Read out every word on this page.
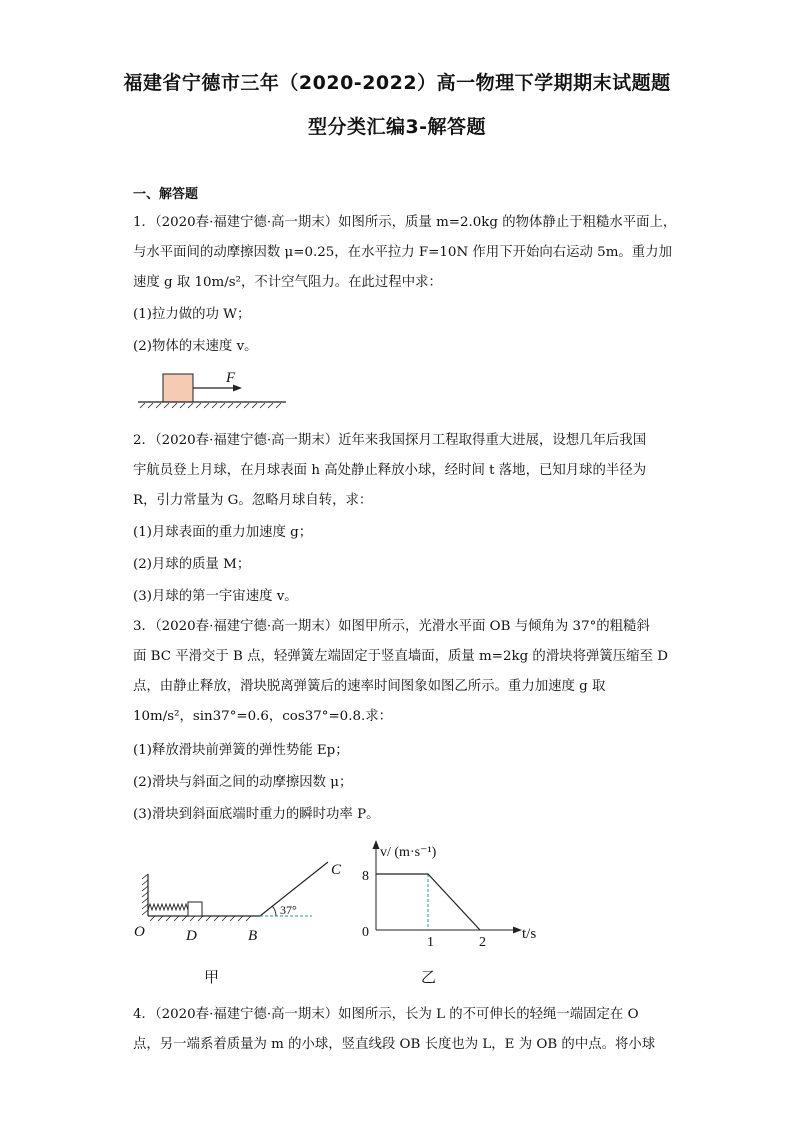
福建省宁德市三年（2020-2022）高一物理下学期期末试题题
型分类汇编3-解答题
一、解答题
1．（2020春·福建宁德·高一期末）如图所示，质量 m=2.0kg 的物体静止于粗糙水平面上，
与水平面间的动摩擦因数 μ=0.25，在水平拉力 F=10N 作用下开始向右运动 5m。重力加
速度 g 取 10m/s²，不计空气阻力。在此过程中求：
(1)拉力做的功 W；
(2)物体的末速度 v。
F
2．（2020春·福建宁德·高一期末）近年来我国探月工程取得重大进展，设想几年后我国
宇航员登上月球，在月球表面 h 高处静止释放小球，经时间 t 落地，已知月球的半径为
R，引力常量为 G。忽略月球自转，求：
(1)月球表面的重力加速度 g；
(2)月球的质量 M；
(3)月球的第一宇宙速度 v。
3．（2020春·福建宁德·高一期末）如图甲所示，光滑水平面 OB 与倾角为 37°的粗糙斜
面 BC 平滑交于 B 点，轻弹簧左端固定于竖直墙面，质量 m=2kg 的滑块将弹簧压缩至 D
点，由静止释放，滑块脱离弹簧后的速率时间图象如图乙所示。重力加速度 g 取
10m/s²，sin37°=0.6，cos37°=0.8.求：
(1)释放滑块前弹簧的弹性势能 Ep；
(2)滑块与斜面之间的动摩擦因数 μ；
(3)滑块到斜面底端时重力的瞬时功率 P。
37°
C
O	D	B
甲
v/ (m·s⁻¹)
t/s
8
0
1	2
乙
4．（2020春·福建宁德·高一期末）如图所示，长为 L 的不可伸长的轻绳一端固定在 O
点，另一端系着质量为 m 的小球，竖直线段 OB 长度也为 L，E 为 OB 的中点。将小球
